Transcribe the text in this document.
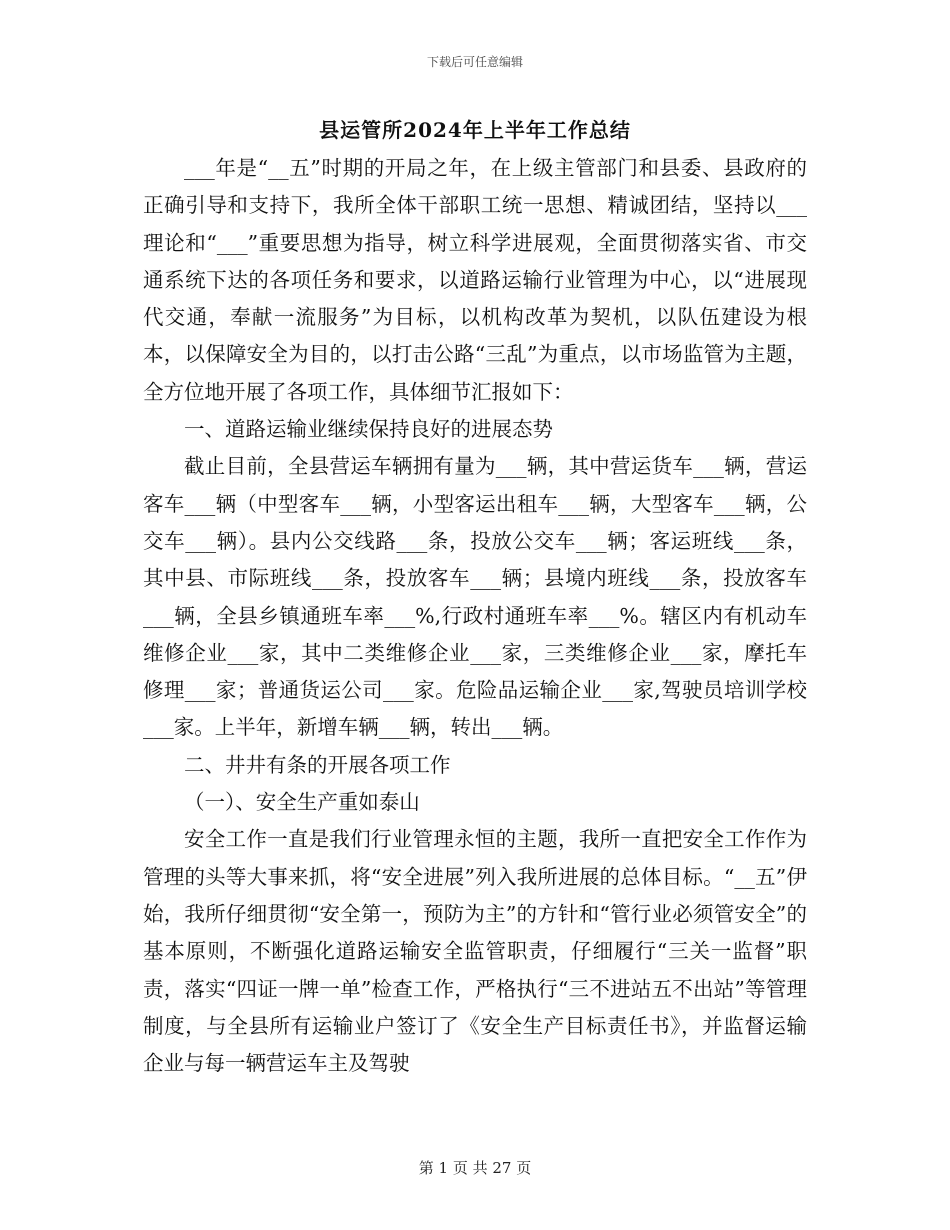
下载后可任意编辑
县运管所2024年上半年工作总结

___年是“__五”时期的开局之年，在上级主管部门和县委、县政府的正确引导和支持下，我所全体干部职工统一思想、精诚团结，坚持以___理论和“___”重要思想为指导，树立科学进展观，全面贯彻落实省、市交通系统下达的各项任务和要求，以道路运输行业管理为中心，以“进展现代交通，奉献一流服务”为目标，以机构改革为契机，以队伍建设为根本，以保障安全为目的，以打击公路“三乱”为重点，以市场监管为主题，全方位地开展了各项工作，具体细节汇报如下：

一、道路运输业继续保持良好的进展态势

截止目前，全县营运车辆拥有量为___辆，其中营运货车___辆，营运客车___辆（中型客车___辆，小型客运出租车___辆，大型客车___辆，公交车___辆）。县内公交线路___条，投放公交车___辆；客运班线___条，其中县、市际班线___条，投放客车___辆；县境内班线___条，投放客车___辆，全县乡镇通班车率___%,行政村通班车率___%。辖区内有机动车维修企业___家，其中二类维修企业___家，三类维修企业___家，摩托车修理___家；普通货运公司___家。危险品运输企业___家,驾驶员培训学校___家。上半年，新增车辆___辆，转出___辆。

二、井井有条的开展各项工作

（一）、安全生产重如泰山

安全工作一直是我们行业管理永恒的主题，我所一直把安全工作作为管理的头等大事来抓，将“安全进展”列入我所进展的总体目标。“__五”伊始，我所仔细贯彻“安全第一，预防为主”的方针和“管行业必须管安全”的基本原则，不断强化道路运输安全监管职责，仔细履行“三关一监督”职责，落实“四证一牌一单”检查工作，严格执行“三不进站五不出站”等管理制度，与全县所有运输业户签订了《安全生产目标责任书》，并监督运输企业与每一辆营运车主及驾驶

第 1 页 共 27 页
